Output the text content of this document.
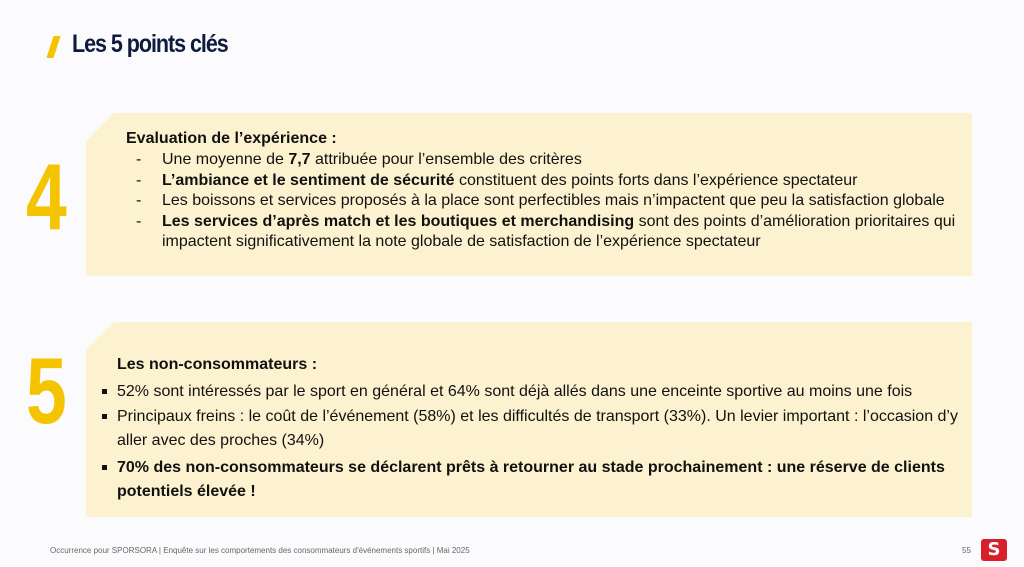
Les 5 points clés
4
Evaluation de l’expérience :
- Une moyenne de 7,7 attribuée pour l’ensemble des critères
- L’ambiance et le sentiment de sécurité constituent des points forts dans l’expérience spectateur
- Les boissons et services proposés à la place sont perfectibles mais n’impactent que peu la satisfaction globale
- Les services d’après match et les boutiques et merchandising sont des points d’amélioration prioritaires qui impactent significativement la note globale de satisfaction de l’expérience spectateur
5	Les non-consommateurs :
52% sont intéressés par le sport en général et 64% sont déjà allés dans une enceinte sportive au moins une fois
Principaux freins : le coût de l’événement (58%) et les difficultés de transport (33%). Un levier important : l’occasion d’y aller avec des proches (34%)
70% des non-consommateurs se déclarent prêts à retourner au stade prochainement : une réserve de clients potentiels élevée !
Occurrence pour SPORSORA | Enquête sur les comportements des consommateurs d'événements sportifs | Mai 2025	55 S
